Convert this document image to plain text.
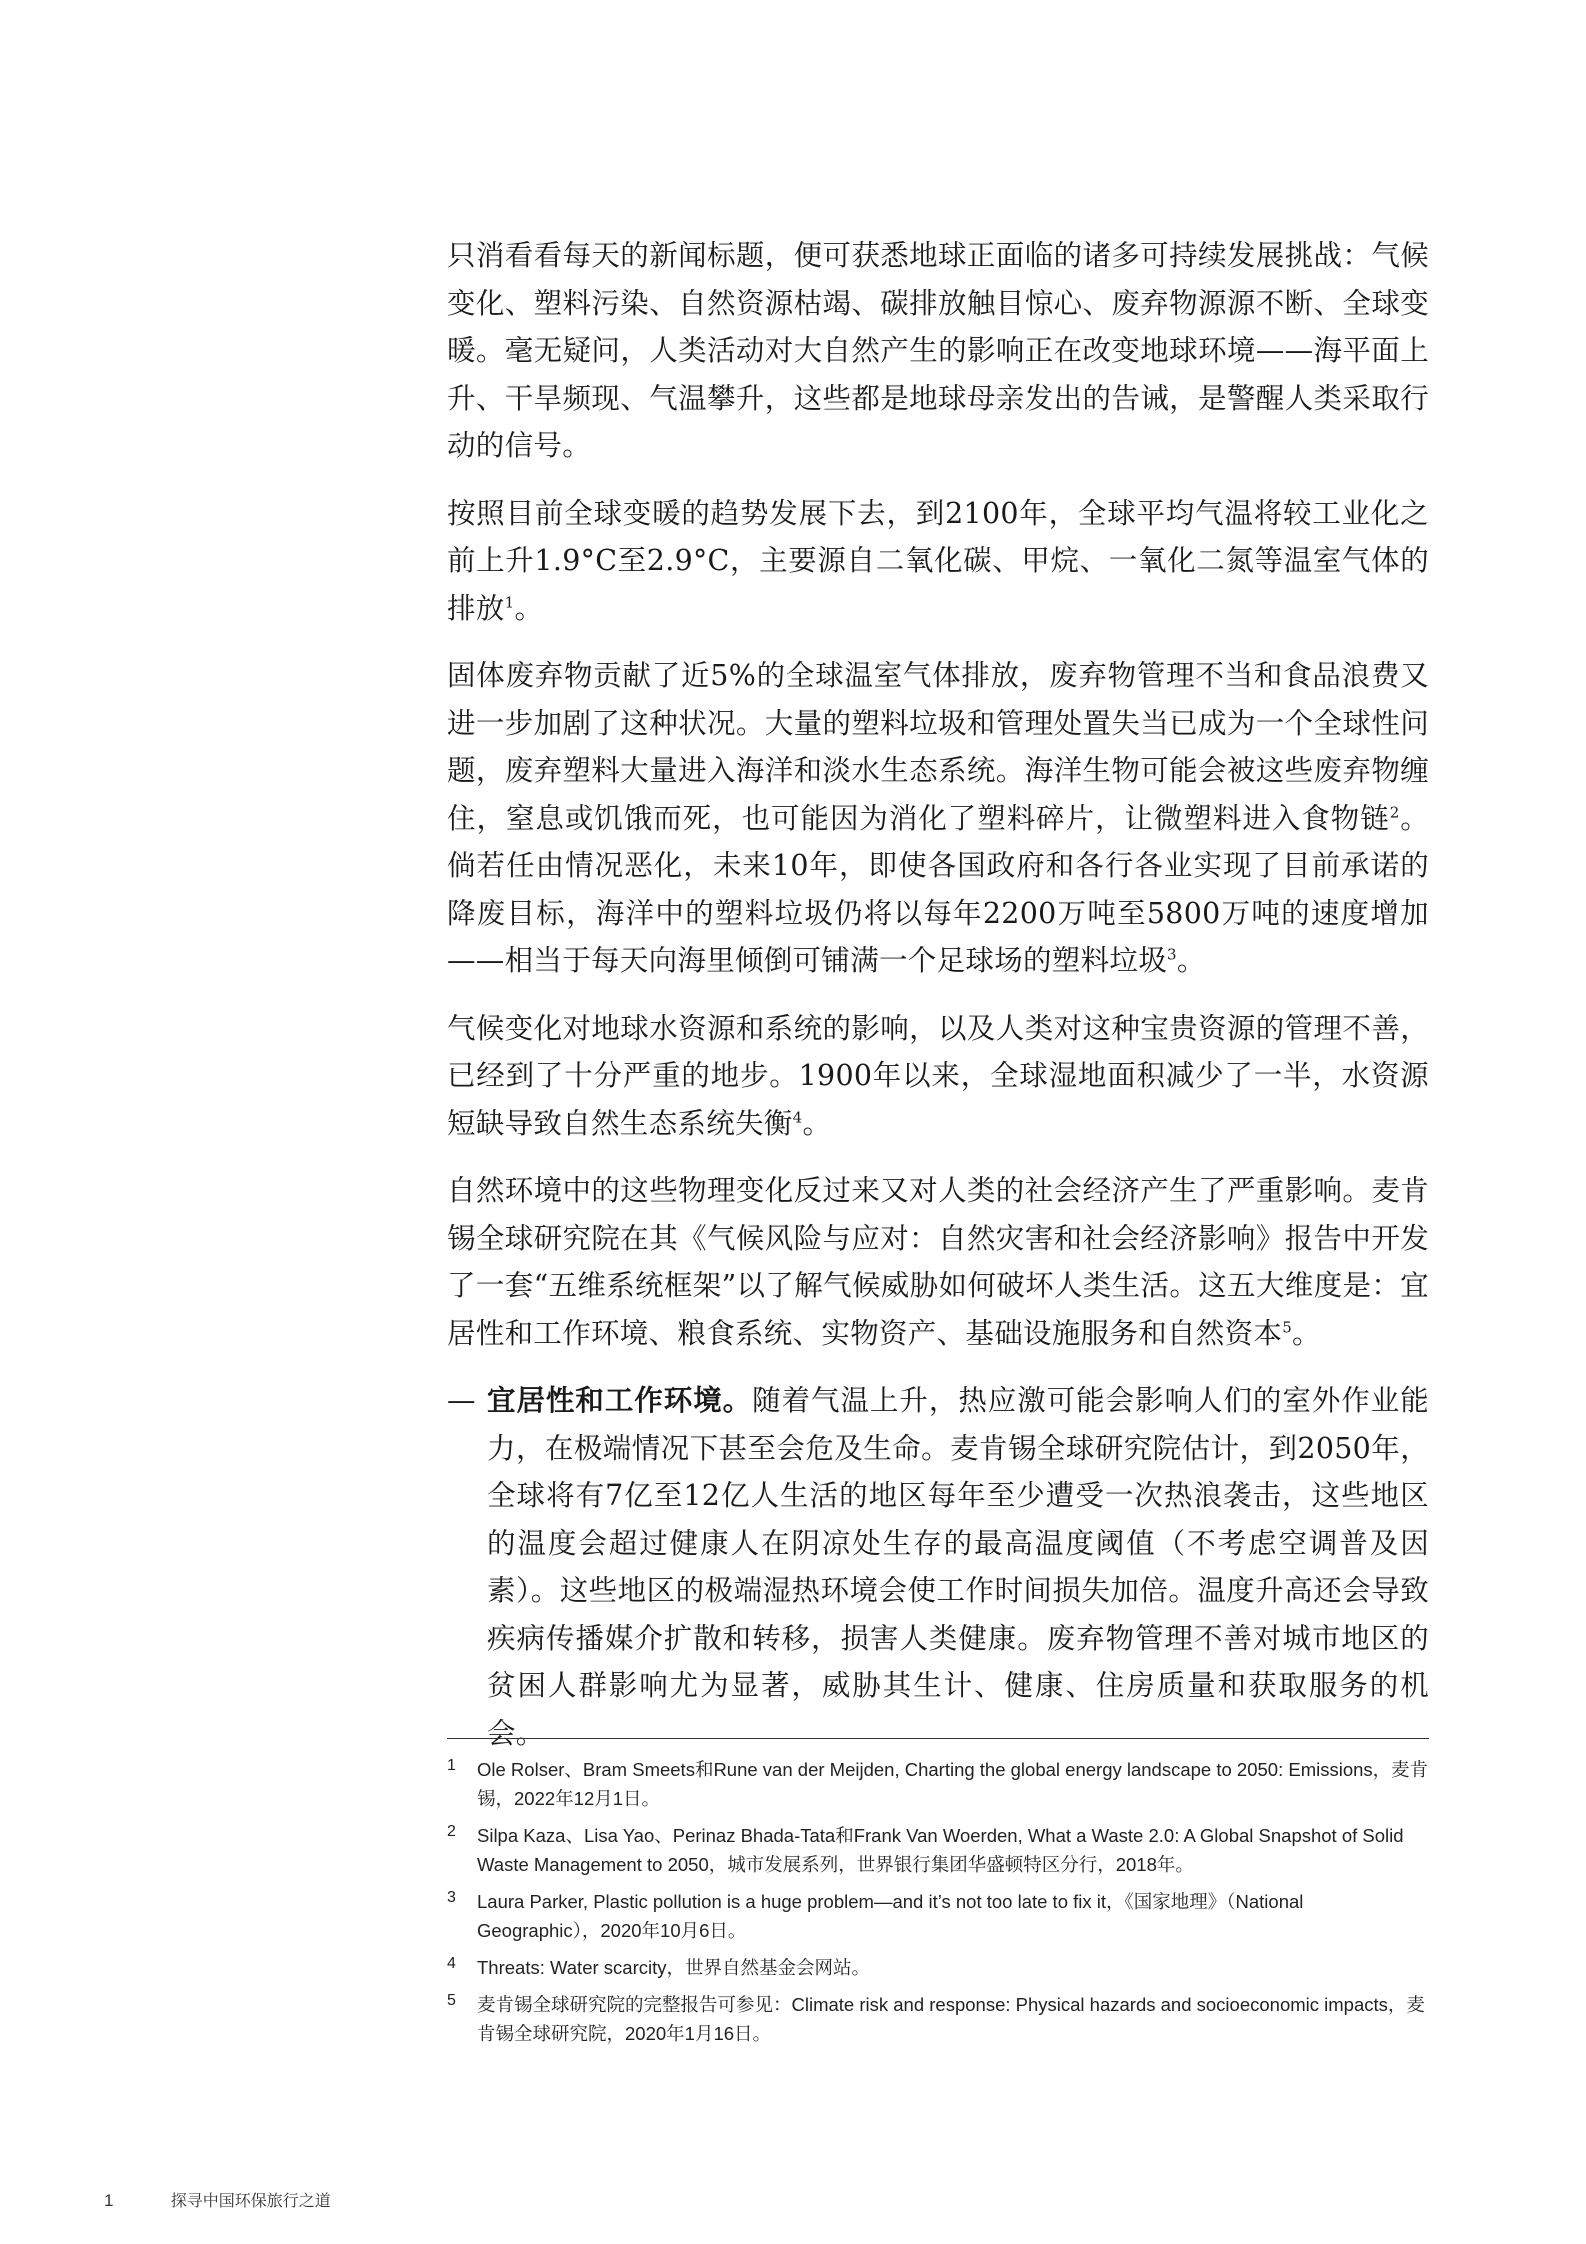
只消看看每天的新闻标题，便可获悉地球正面临的诸多可持续发展挑战：气候变化、塑料污染、自然资源枯竭、碳排放触目惊心、废弃物源源不断、全球变暖。毫无疑问，人类活动对大自然产生的影响正在改变地球环境——海平面上升、干旱频现、气温攀升，这些都是地球母亲发出的告诫，是警醒人类采取行动的信号。

按照目前全球变暖的趋势发展下去，到2100年，全球平均气温将较工业化之前上升1.9°C至2.9°C，主要源自二氧化碳、甲烷、一氧化二氮等温室气体的排放$^1$。

固体废弃物贡献了近5%的全球温室气体排放，废弃物管理不当和食品浪费又进一步加剧了这种状况。大量的塑料垃圾和管理处置失当已成为一个全球性问题，废弃塑料大量进入海洋和淡水生态系统。海洋生物可能会被这些废弃物缠住，窒息或饥饿而死，也可能因为消化了塑料碎片，让微塑料进入食物链$^2$。倘若任由情况恶化，未来10年，即使各国政府和各行各业实现了目前承诺的降废目标，海洋中的塑料垃圾仍将以每年2200万吨至5800万吨的速度增加——相当于每天向海里倾倒可铺满一个足球场的塑料垃圾$^3$。

气候变化对地球水资源和系统的影响，以及人类对这种宝贵资源的管理不善，已经到了十分严重的地步。1900年以来，全球湿地面积减少了一半，水资源短缺导致自然生态系统失衡$^4$。

自然环境中的这些物理变化反过来又对人类的社会经济产生了严重影响。麦肯锡全球研究院在其《气候风险与应对：自然灾害和社会经济影响》报告中开发了一套“五维系统框架”以了解气候威胁如何破坏人类生活。这五大维度是：宜居性和工作环境、粮食系统、实物资产、基础设施服务和自然资本$^5$。

— 宜居性和工作环境。随着气温上升，热应激可能会影响人们的室外作业能力，在极端情况下甚至会危及生命。麦肯锡全球研究院估计，到2050年，全球将有7亿至12亿人生活的地区每年至少遭受一次热浪袭击，这些地区的温度会超过健康人在阴凉处生存的最高温度阈值（不考虑空调普及因素）。这些地区的极端湿热环境会使工作时间损失加倍。温度升高还会导致疾病传播媒介扩散和转移，损害人类健康。废弃物管理不善对城市地区的贫困人群影响尤为显著，威胁其生计、健康、住房质量和获取服务的机会。

1 Ole Rolser、Bram Smeets和Rune van der Meijden, Charting the global energy landscape to 2050: Emissions，麦肯锡，2022年12月1日。
2 Silpa Kaza、Lisa Yao、Perinaz Bhada-Tata和Frank Van Woerden, What a Waste 2.0: A Global Snapshot of Solid Waste Management to 2050，城市发展系列，世界银行集团华盛顿特区分行，2018年。
3 Laura Parker, Plastic pollution is a huge problem—and it’s not too late to fix it，《国家地理》（National Geographic），2020年10月6日。
4 Threats: Water scarcity，世界自然基金会网站。
5 麦肯锡全球研究院的完整报告可参见：Climate risk and response: Physical hazards and socioeconomic impacts，麦肯锡全球研究院，2020年1月16日。
1	探寻中国环保旅行之道
